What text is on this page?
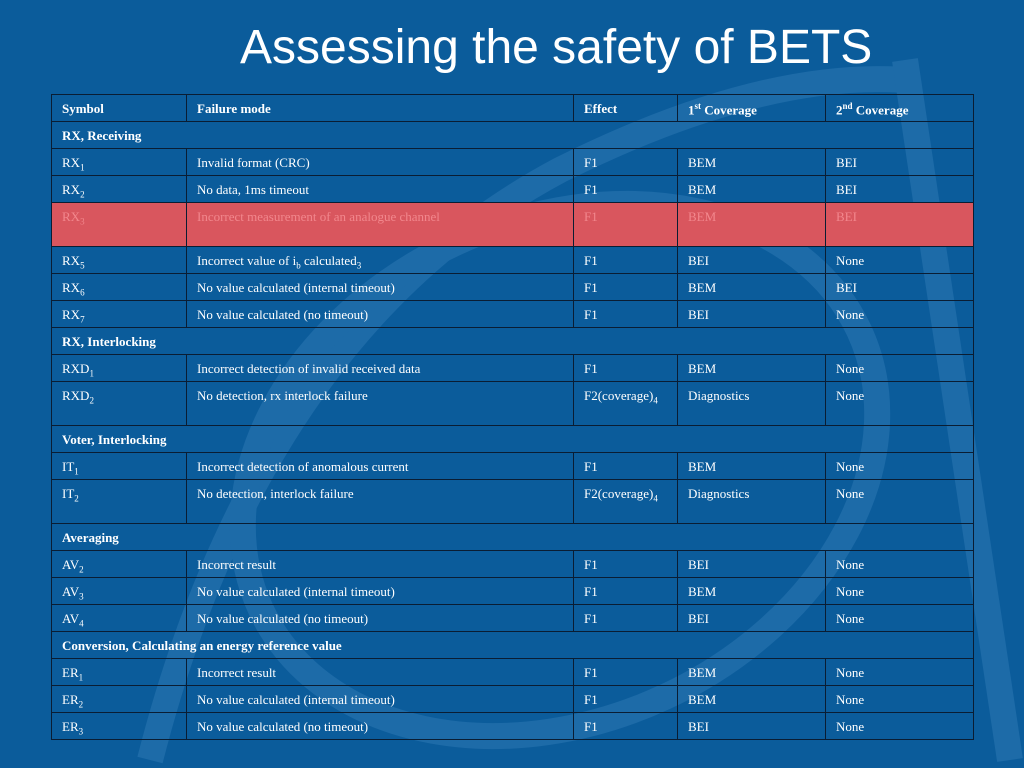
Assessing the safety of BETS
Symbol	Failure mode	Effect	1st Coverage	2nd Coverage
RX, Receiving				
$RX_1$	Invalid format (CRC)	F1	BEM	BEI
$RX_2$	No data, 1ms timeout	F1	BEM	BEI
$RX_3$	Incorrect measurement of an analogue channel	F1	BEM	BEI
$RX_5$	Incorrect value of $i_b$ calculated$_3$	F1	BEI	None
$RX_6$	No value calculated (internal timeout)	F1	BEM	BEI
$RX_7$	No value calculated (no timeout)	F1	BEI	None
RX, Interlocking				
$RXD_1$	Incorrect detection of invalid received data	F1	BEM	None
$RXD_2$	No detection, rx interlock failure	$F2(coverage)_4$	Diagnostics	None
Voter, Interlocking				
$IT_1$	Incorrect detection of anomalous current	F1	BEM	None
$IT_2$	No detection, interlock failure	$F2(coverage)_4$	Diagnostics	None
Averaging				
$AV_2$	Incorrect result	F1	BEI	None
$AV_3$	No value calculated (internal timeout)	F1	BEM	None
$AV_4$	No value calculated (no timeout)	F1	BEI	None
Conversion, Calculating an energy reference value				
$ER_1$	Incorrect result	F1	BEM	None
$ER_2$	No value calculated (internal timeout)	F1	BEM	None
$ER_3$	No value calculated (no timeout)	F1	BEI	None
